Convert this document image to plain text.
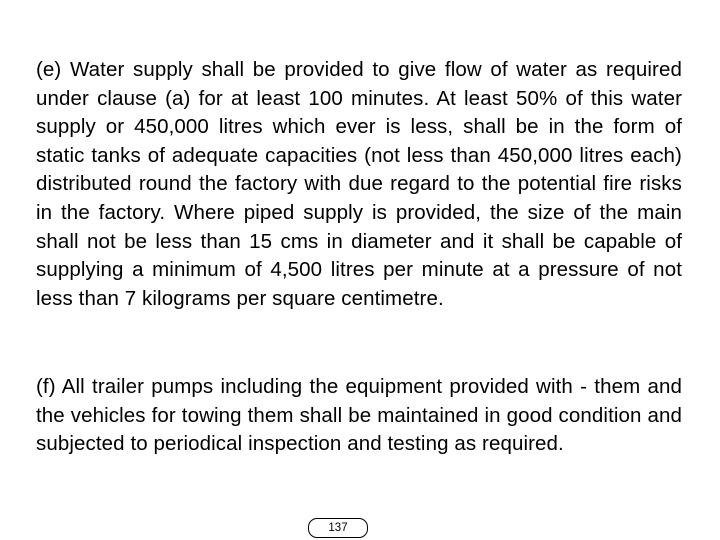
(e) Water supply shall be provided to give flow of water as required under clause (a) for at least 100 minutes. At least 50% of this water supply or 450,000 litres which ever is less, shall be in the form of static tanks of adequate capacities (not less than 450,000 litres each) distributed round the factory with due regard to the potential fire risks in the factory. Where piped supply is provided, the size of the main shall not be less than 15 cms in diameter and it shall be capable of supplying a minimum of 4,500 litres per minute at a pressure of not less than 7 kilograms per square centimetre.

(f) All trailer pumps including the equipment provided with - them and the vehicles for towing them shall be maintained in good condition and subjected to periodical inspection and testing as required.

137
